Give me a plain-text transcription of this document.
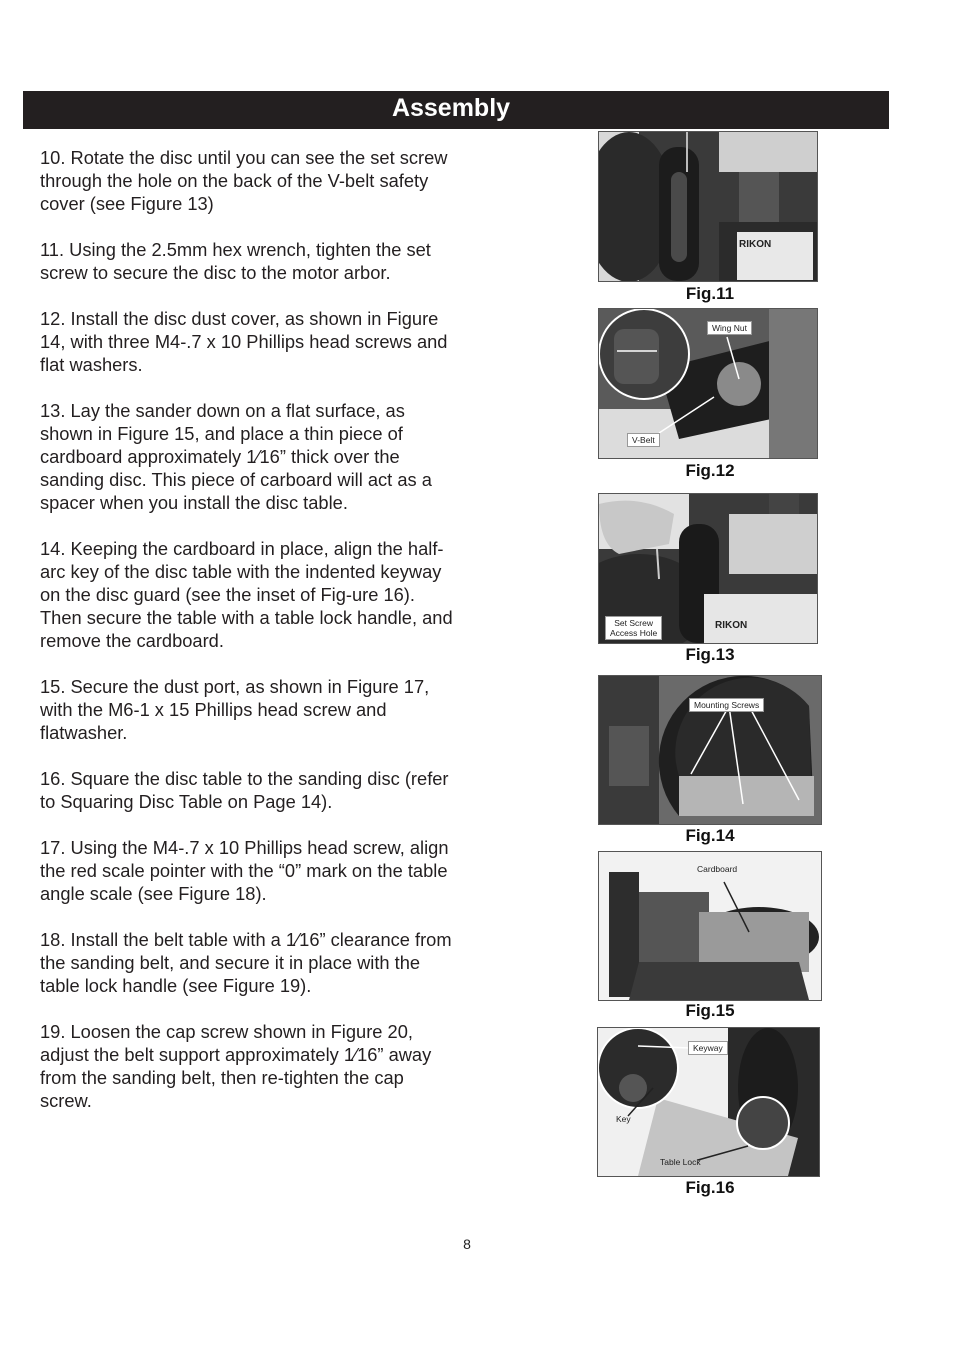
Assembly

10. Rotate the disc until you can see the set screw through the hole on the back of the V-belt safety cover (see Figure 13)

11. Using the 2.5mm hex wrench, tighten the set screw to secure the disc to the motor arbor.

12. Install the disc dust cover, as shown in Figure 14, with three M4-.7 x 10 Phillips head screws and flat washers.

13. Lay the sander down on a flat surface, as shown in Figure 15, and place a thin piece of cardboard approximately 1⁄16” thick over the sanding disc. This piece of carboard will act as a spacer when you install the disc table.

14. Keeping the cardboard in place, align the half-arc key of the disc table with the indented keyway on the disc guard (see the inset of Fig-ure 16). Then secure the table with a table lock handle, and remove the cardboard.

15. Secure the dust port, as shown in Figure 17, with the M6-1 x 15 Phillips head screw and flatwasher.

16. Square the disc table to the sanding disc (refer to Squaring Disc Table on Page 14).

17. Using the M4-.7 x 10 Phillips head screw, align the red scale pointer with the “0” mark on the table angle scale (see Figure 18).

18. Install the belt table with a 1⁄16” clearance from the sanding belt, and secure it in place with the table lock handle (see Figure 19).

19. Loosen the cap screw shown in Figure 20, adjust the belt support approximately 1⁄16” away from the sanding belt, then re-tighten the cap screw.

RIKON
Fig.11
Wing Nut
V-Belt
Fig.12
RIKON
Set Screw
Access Hole
Fig.13
Mounting Screws
Fig.14
Cardboard
Fig.15
Keyway
Key
Table Lock
Fig.16
8
